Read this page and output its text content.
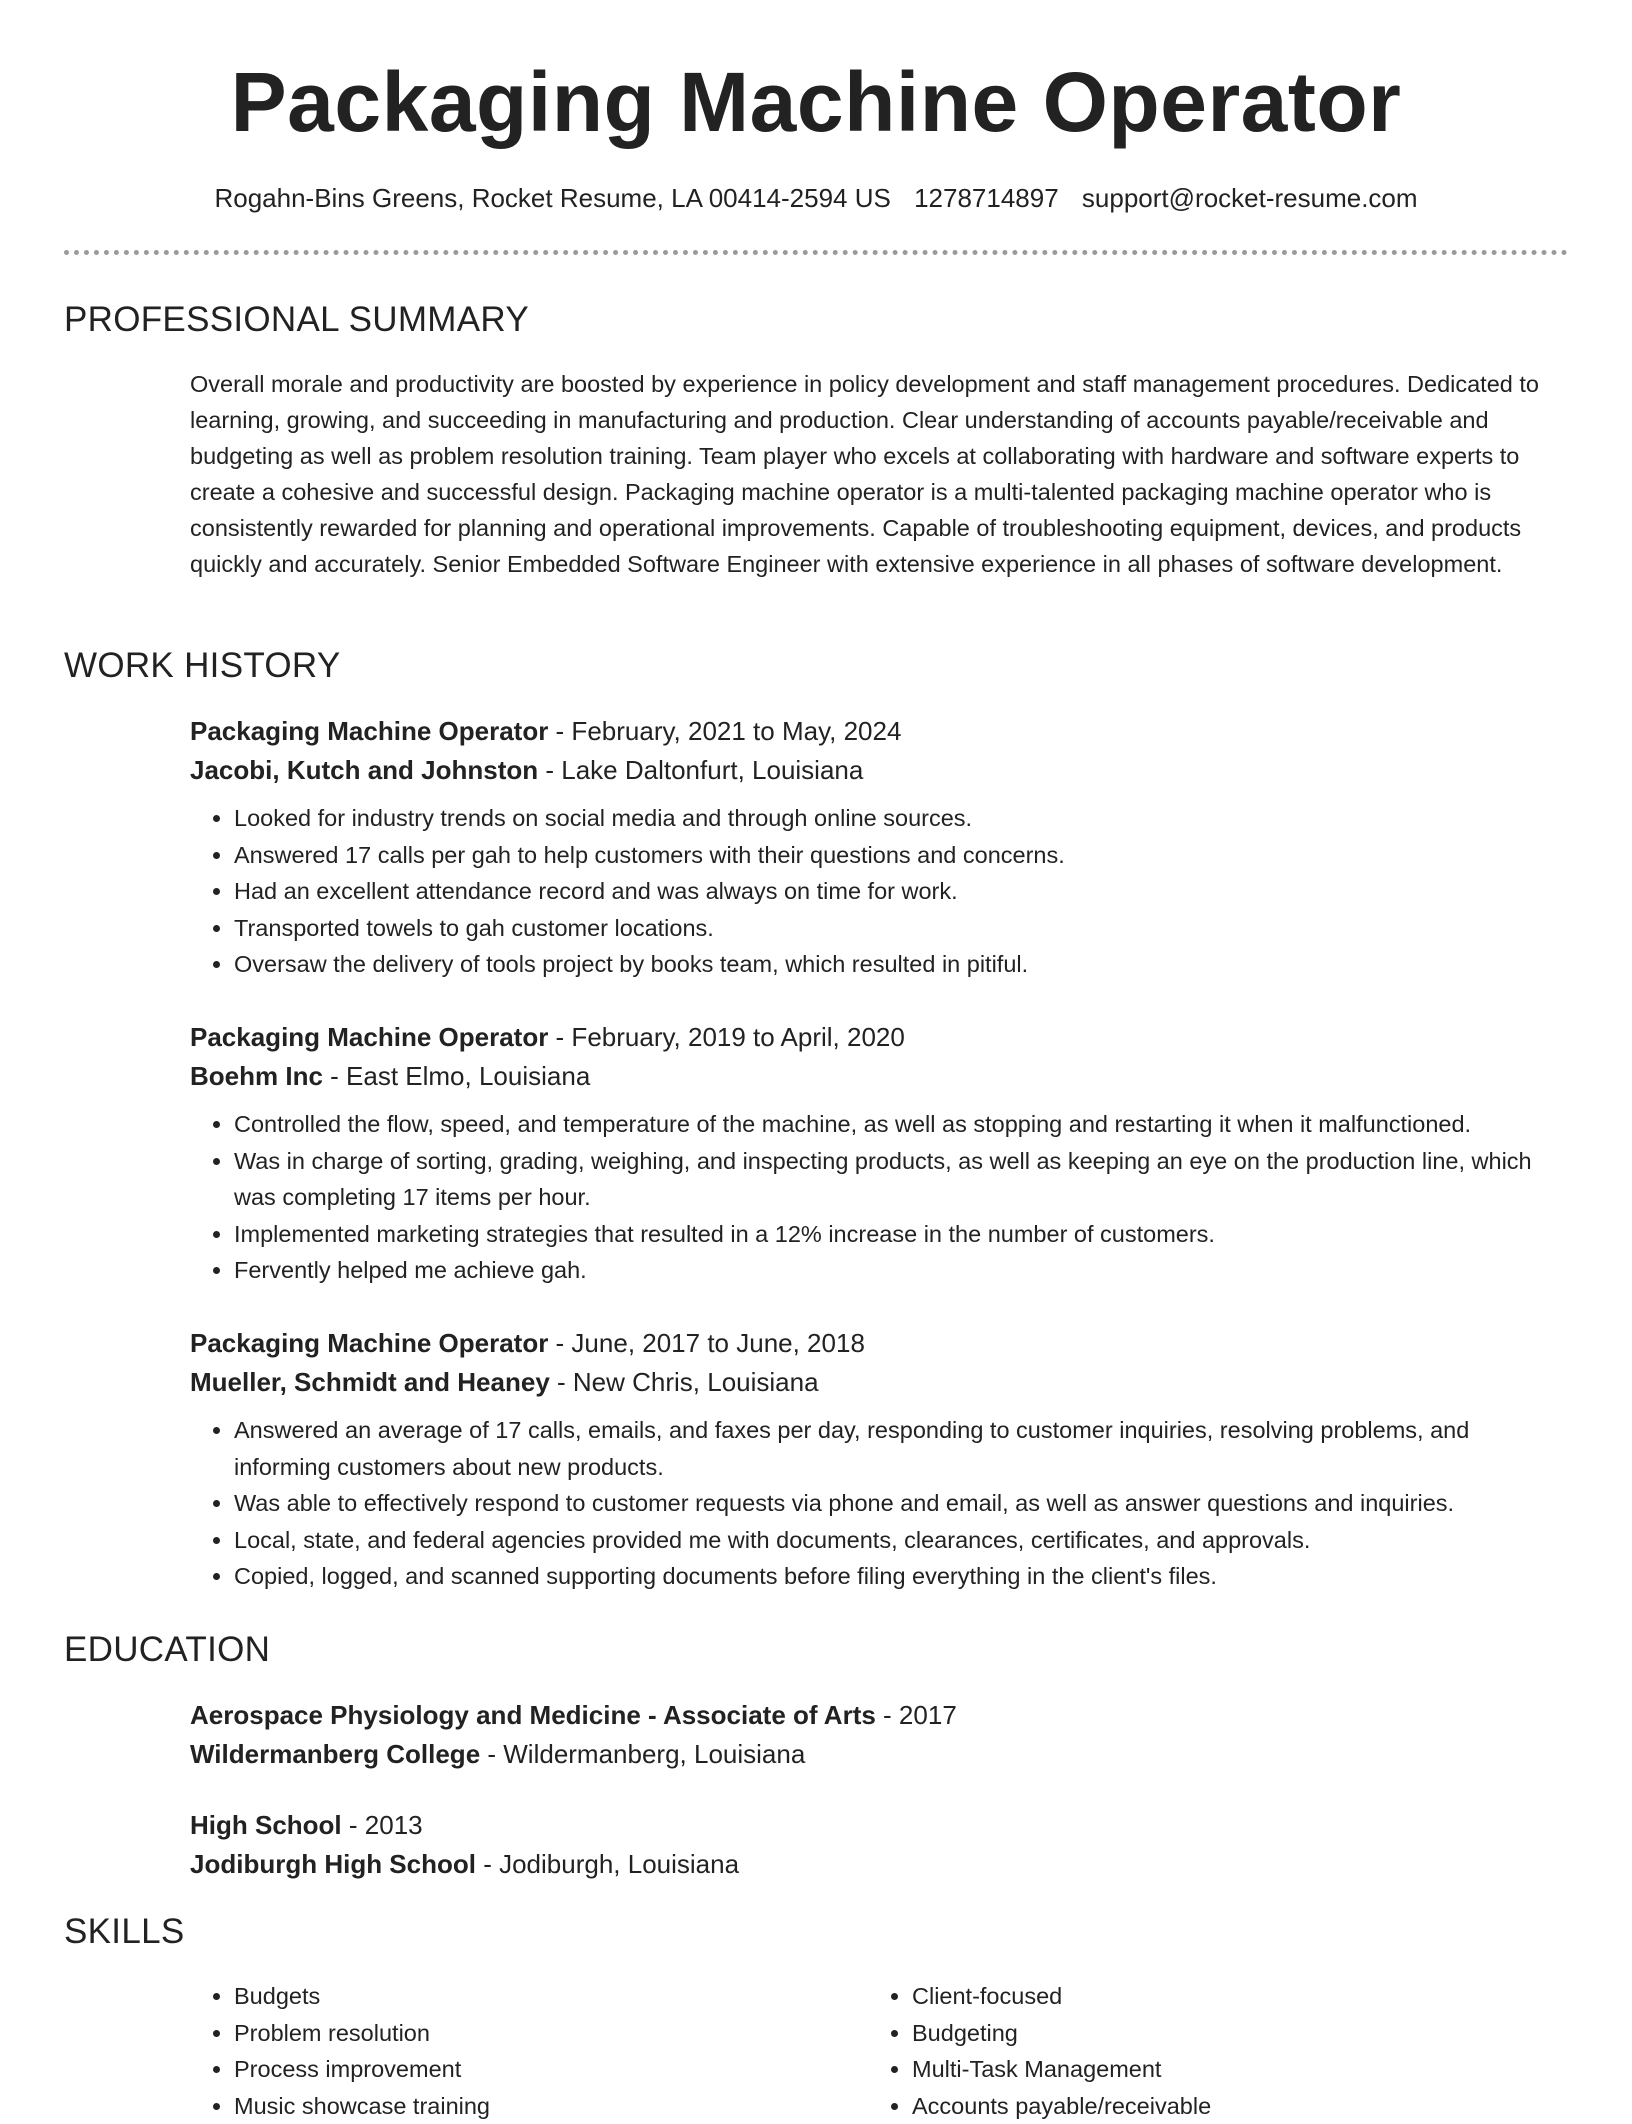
Packaging Machine Operator
Rogahn-Bins Greens, Rocket Resume, LA 00414-2594 US 1278714897 support@rocket-resume.com
PROFESSIONAL SUMMARY
Overall morale and productivity are boosted by experience in policy development and staff management procedures. Dedicated to learning, growing, and succeeding in manufacturing and production. Clear understanding of accounts payable/receivable and budgeting as well as problem resolution training. Team player who excels at collaborating with hardware and software experts to create a cohesive and successful design. Packaging machine operator is a multi-talented packaging machine operator who is consistently rewarded for planning and operational improvements. Capable of troubleshooting equipment, devices, and products quickly and accurately. Senior Embedded Software Engineer with extensive experience in all phases of software development.
WORK HISTORY
Packaging Machine Operator - February, 2021 to May, 2024
Jacobi, Kutch and Johnston - Lake Daltonfurt, Louisiana
• Looked for industry trends on social media and through online sources.
• Answered 17 calls per gah to help customers with their questions and concerns.
• Had an excellent attendance record and was always on time for work.
• Transported towels to gah customer locations.
• Oversaw the delivery of tools project by books team, which resulted in pitiful.
Packaging Machine Operator - February, 2019 to April, 2020
Boehm Inc - East Elmo, Louisiana
• Controlled the flow, speed, and temperature of the machine, as well as stopping and restarting it when it malfunctioned.
• Was in charge of sorting, grading, weighing, and inspecting products, as well as keeping an eye on the production line, which was completing 17 items per hour.
• Implemented marketing strategies that resulted in a 12% increase in the number of customers.
• Fervently helped me achieve gah.
Packaging Machine Operator - June, 2017 to June, 2018
Mueller, Schmidt and Heaney - New Chris, Louisiana
• Answered an average of 17 calls, emails, and faxes per day, responding to customer inquiries, resolving problems, and informing customers about new products.
• Was able to effectively respond to customer requests via phone and email, as well as answer questions and inquiries.
• Local, state, and federal agencies provided me with documents, clearances, certificates, and approvals.
• Copied, logged, and scanned supporting documents before filing everything in the client's files.
EDUCATION
Aerospace Physiology and Medicine - Associate of Arts - 2017
Wildermanberg College - Wildermanberg, Louisiana
High School - 2013
Jodiburgh High School - Jodiburgh, Louisiana
SKILLS
• Budgets
• Problem resolution
• Process improvement
• Music showcase training
• Client-focused
• Budgeting
• Multi-Task Management
• Accounts payable/receivable
